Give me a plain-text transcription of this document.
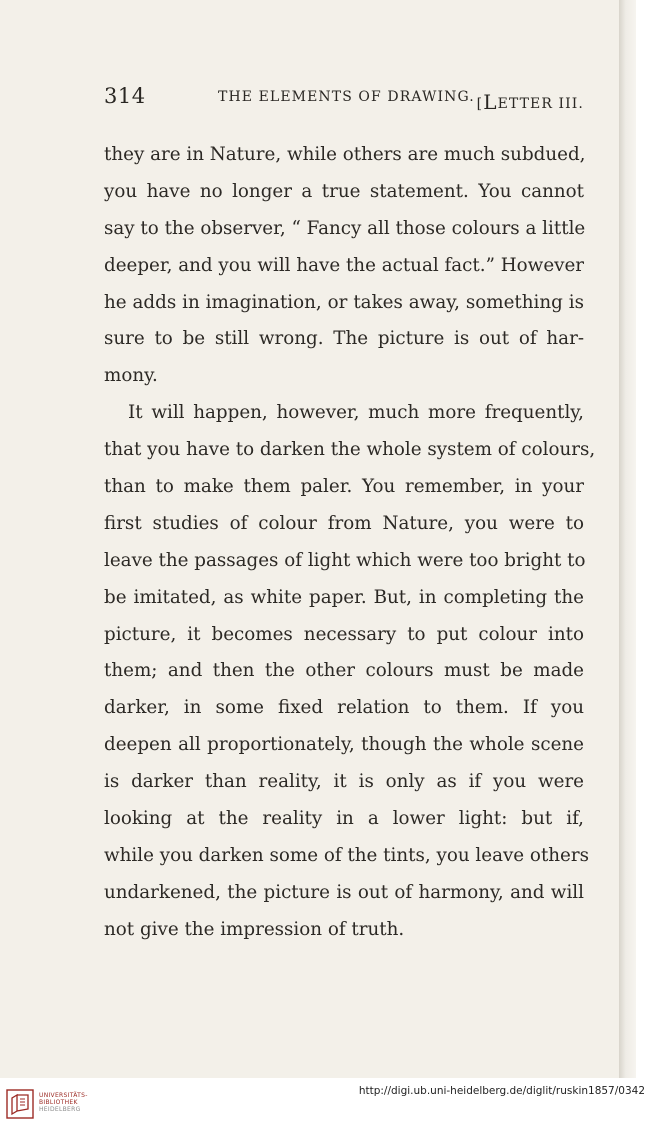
314	THE ELEMENTS OF DRAWING. [LETTER III.
they are in Nature, while others are much subdued,
you have no longer a true statement. You cannot
say to the observer, “ Fancy all those colours a little
deeper, and you will have the actual fact.” However
he adds in imagination, or takes away, something is
sure to be still wrong. The picture is out of har-
mony.
It will happen, however, much more frequently,
that you have to darken the whole system of colours,
than to make them paler. You remember, in your
first studies of colour from Nature, you were to
leave the passages of light which were too bright to
be imitated, as white paper. But, in completing the
picture, it becomes necessary to put colour into
them; and then the other colours must be made
darker, in some fixed relation to them. If you
deepen all proportionately, though the whole scene
is darker than reality, it is only as if you were
looking at the reality in a lower light: but if,
while you darken some of the tints, you leave others
undarkened, the picture is out of harmony, and will
not give the impression of truth.
UNIVERSITÄTS-
BIBLIOTHEK
HEIDELBERG
http://digi.ub.uni-heidelberg.de/diglit/ruskin1857/0342
